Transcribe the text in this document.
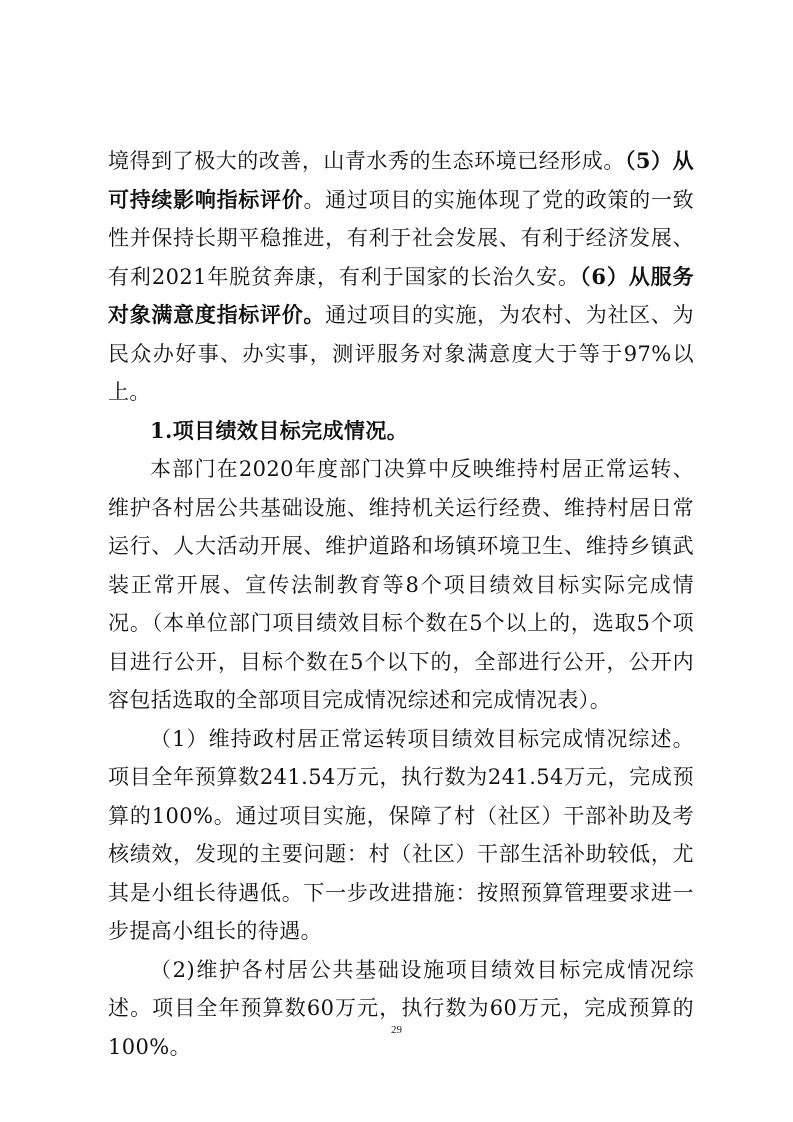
境得到了极大的改善，山青水秀的生态环境已经形成。（5）从可持续影响指标评价。通过项目的实施体现了党的政策的一致性并保持长期平稳推进，有利于社会发展、有利于经济发展、有利2021年脱贫奔康，有利于国家的长治久安。（6）从服务对象满意度指标评价。通过项目的实施，为农村、为社区、为民众办好事、办实事，测评服务对象满意度大于等于97%以上。

1.项目绩效目标完成情况。

本部门在2020年度部门决算中反映维持村居正常运转、维护各村居公共基础设施、维持机关运行经费、维持村居日常运行、人大活动开展、维护道路和场镇环境卫生、维持乡镇武装正常开展、宣传法制教育等8个项目绩效目标实际完成情况。（本单位部门项目绩效目标个数在5个以上的，选取5个项目进行公开，目标个数在5个以下的，全部进行公开，公开内容包括选取的全部项目完成情况综述和完成情况表）。

（1）维持政村居正常运转项目绩效目标完成情况综述。项目全年预算数241.54万元，执行数为241.54万元，完成预算的100%。通过项目实施，保障了村（社区）干部补助及考核绩效，发现的主要问题：村（社区）干部生活补助较低，尤其是小组长待遇低。下一步改进措施：按照预算管理要求进一步提高小组长的待遇。

（2)维护各村居公共基础设施项目绩效目标完成情况综述。项目全年预算数60万元，执行数为60万元，完成预算的100%。

29
